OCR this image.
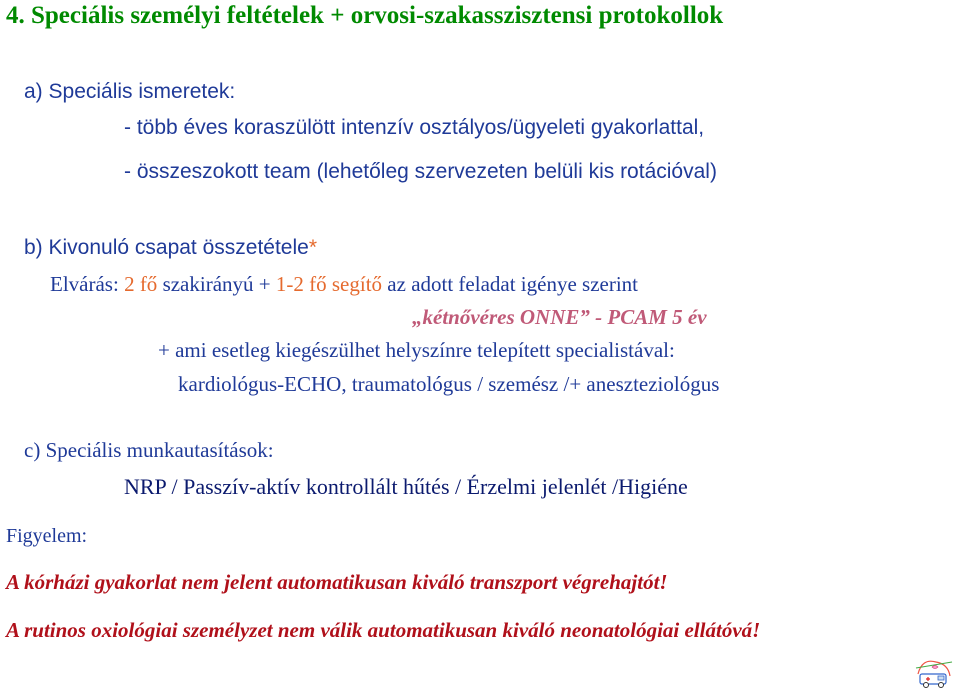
4. Speciális személyi feltételek + orvosi-szakasszisztensi protokollok
a) Speciális ismeretek:
- több éves koraszülött intenzív osztályos/ügyeleti gyakorlattal,
- összeszokott team (lehetőleg szervezeten belüli kis rotációval)
b) Kivonuló csapat összetétele*
Elvárás: 2 fő szakirányú + 1-2 fő segítő az adott feladat igénye szerint
„kétnővéres ONNE” - PCAM 5 év
+ ami esetleg kiegészülhet helyszínre telepített specialistával:
kardiológus-ECHO, traumatológus / szemész /+ aneszteziológus
c) Speciális munkautasítások:
NRP / Passzív-aktív kontrollált hűtés / Érzelmi jelenlét /Higiéne
Figyelem:
A kórházi gyakorlat nem jelent automatikusan kiváló transzport végrehajtót!
A rutinos oxiológiai személyzet nem válik automatikusan kiváló neonatológiai ellátóvá!
